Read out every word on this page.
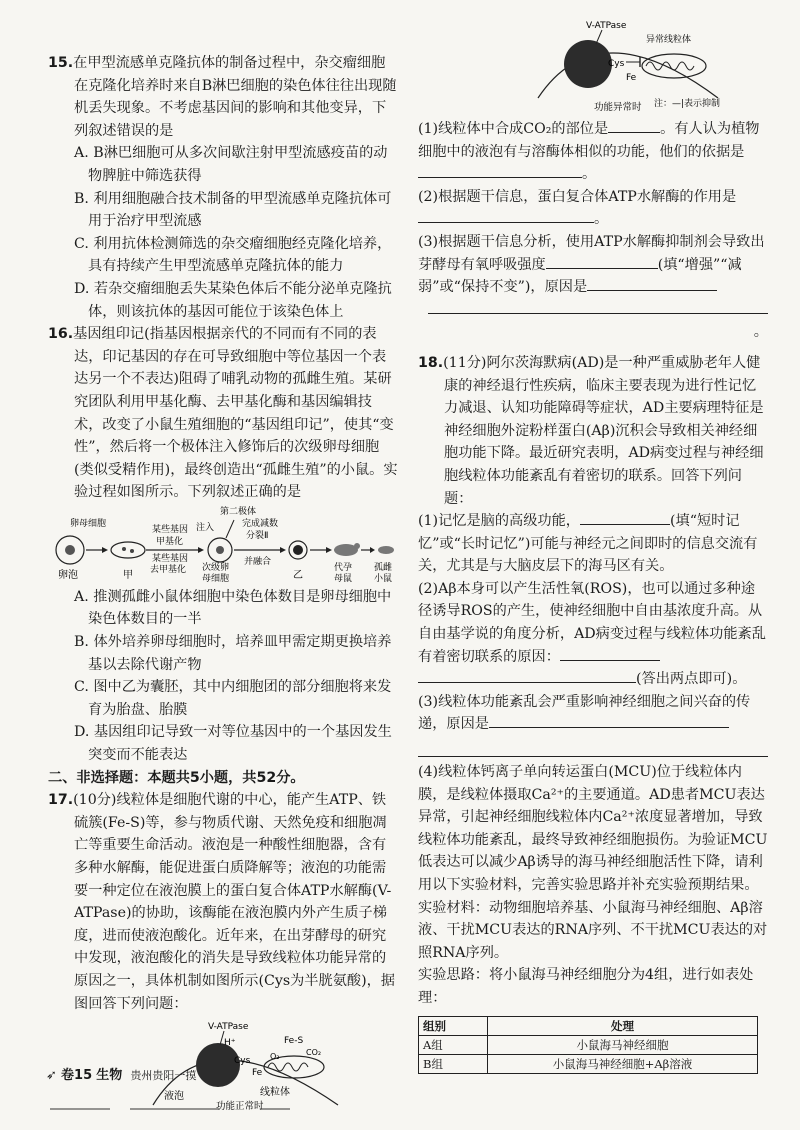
15.在甲型流感单克隆抗体的制备过程中，杂交瘤细胞在克隆化培养时来自B淋巴细胞的染色体往往出现随机丢失现象。不考虑基因间的影响和其他变异，下列叙述错误的是

A. B淋巴细胞可从多次间歇注射甲型流感疫苗的动物脾脏中筛选获得

B. 利用细胞融合技术制备的甲型流感单克隆抗体可用于治疗甲型流感

C. 利用抗体检测筛选的杂交瘤细胞经克隆化培养，具有持续产生甲型流感单克隆抗体的能力

D. 若杂交瘤细胞丢失某染色体后不能分泌单克隆抗体，则该抗体的基因可能位于该染色体上

16.基因组印记(指基因根据亲代的不同而有不同的表达，印记基因的存在可导致细胞中等位基因一个表达另一个不表达)阻碍了哺乳动物的孤雌生殖。某研究团队利用甲基化酶、去甲基化酶和基因编辑技术，改变了小鼠生殖细胞的“基因组印记”，使其“变性”，然后将一个极体注入修饰后的次级卵母细胞(类似受精作用)，最终创造出“孤雌生殖”的小鼠。实验过程如图所示。下列叙述正确的是

卵泡
卵母细胞
甲
某些基因
甲基化
某些基因
去甲基化 次级卵
母细胞
第二极体
注入	完成减数
分裂Ⅱ
并融合
乙
代孕
母鼠
孤雌
小鼠

A. 推测孤雌小鼠体细胞中染色体数目是卵母细胞中染色体数目的一半

B. 体外培养卵母细胞时，培养皿甲需定期更换培养基以去除代谢产物

C. 图中乙为囊胚，其中内细胞团的部分细胞将来发育为胎盘、胎膜

D. 基因组印记导致一对等位基因中的一个基因发生突变而不能表达

二、非选择题：本题共5小题，共52分。

17.(10分)线粒体是细胞代谢的中心，能产生ATP、铁硫簇(Fe-S)等，参与物质代谢、天然免疫和细胞凋亡等重要生命活动。液泡是一种酸性细胞器，含有多种水解酶，能促进蛋白质降解等；液泡的功能需要一种定位在液泡膜上的蛋白复合体ATP水解酶(V-ATPase)的协助，该酶能在液泡膜内外产生质子梯度，进而使液泡酸化。近年来，在出芽酵母的研究中发现，液泡酸化的消失是导致线粒体功能异常的原因之一，具体机制如图所示(Cys为半胱氨酸)，据图回答下列问题：

V-ATPase
H⁺
Cys
Fe
Fe-S
O₂	CO₂
液泡	线粒体
功能正常时
V-ATPase
Cys
Fe
异常线粒体
功能异常时 注：—|表示抑制

(1)线粒体中合成CO₂的部位是	。有人认为植物细胞中的液泡有与溶酶体相似的功能，他们的依据是。

(2)根据题干信息，蛋白复合体ATP水解酶的作用是。

(3)根据题干信息分析，使用ATP水解酶抑制剂会导致出芽酵母有氧呼吸强度	(填“增强”“减弱”或“保持不变”)，原因是

。

18.(11分)阿尔茨海默病(AD)是一种严重威胁老年人健康的神经退行性疾病，临床主要表现为进行性记忆力减退、认知功能障碍等症状，AD主要病理特征是神经细胞外淀粉样蛋白(Aβ)沉积会导致相关神经细胞功能下降。最近研究表明，AD病变过程与神经细胞线粒体功能紊乱有着密切的联系。回答下列问题：

(1)记忆是脑的高级功能，	(填“短时记忆”或“长时记忆”)可能与神经元之间即时的信息交流有关，尤其是与大脑皮层下的海马区有关。

(2)Aβ本身可以产生活性氧(ROS)，也可以通过多种途径诱导ROS的产生，使神经细胞中自由基浓度升高。从自由基学说的角度分析，AD病变过程与线粒体功能紊乱有着密切联系的原因：

(答出两点即可)。

(3)线粒体功能紊乱会严重影响神经细胞之间兴奋的传递，原因是

(4)线粒体钙离子单向转运蛋白(MCU)位于线粒体内膜，是线粒体摄取Ca²⁺的主要通道。AD患者MCU表达异常，引起神经细胞线粒体内Ca²⁺浓度显著增加，导致线粒体功能紊乱，最终导致神经细胞损伤。为验证MCU低表达可以减少Aβ诱导的海马神经细胞活性下降，请利用以下实验材料，完善实验思路并补充实验预期结果。

实验材料：动物细胞培养基、小鼠海马神经细胞、Aβ溶液、干扰MCU表达的RNA序列、不干扰MCU表达的对照RNA序列。

实验思路：将小鼠海马神经细胞分为4组，进行如表处理：

组别	处理
A组	小鼠海马神经细胞
B组	小鼠海马神经细胞+Aβ溶液
➶ 卷15 生物 贵州贵阳一摸
